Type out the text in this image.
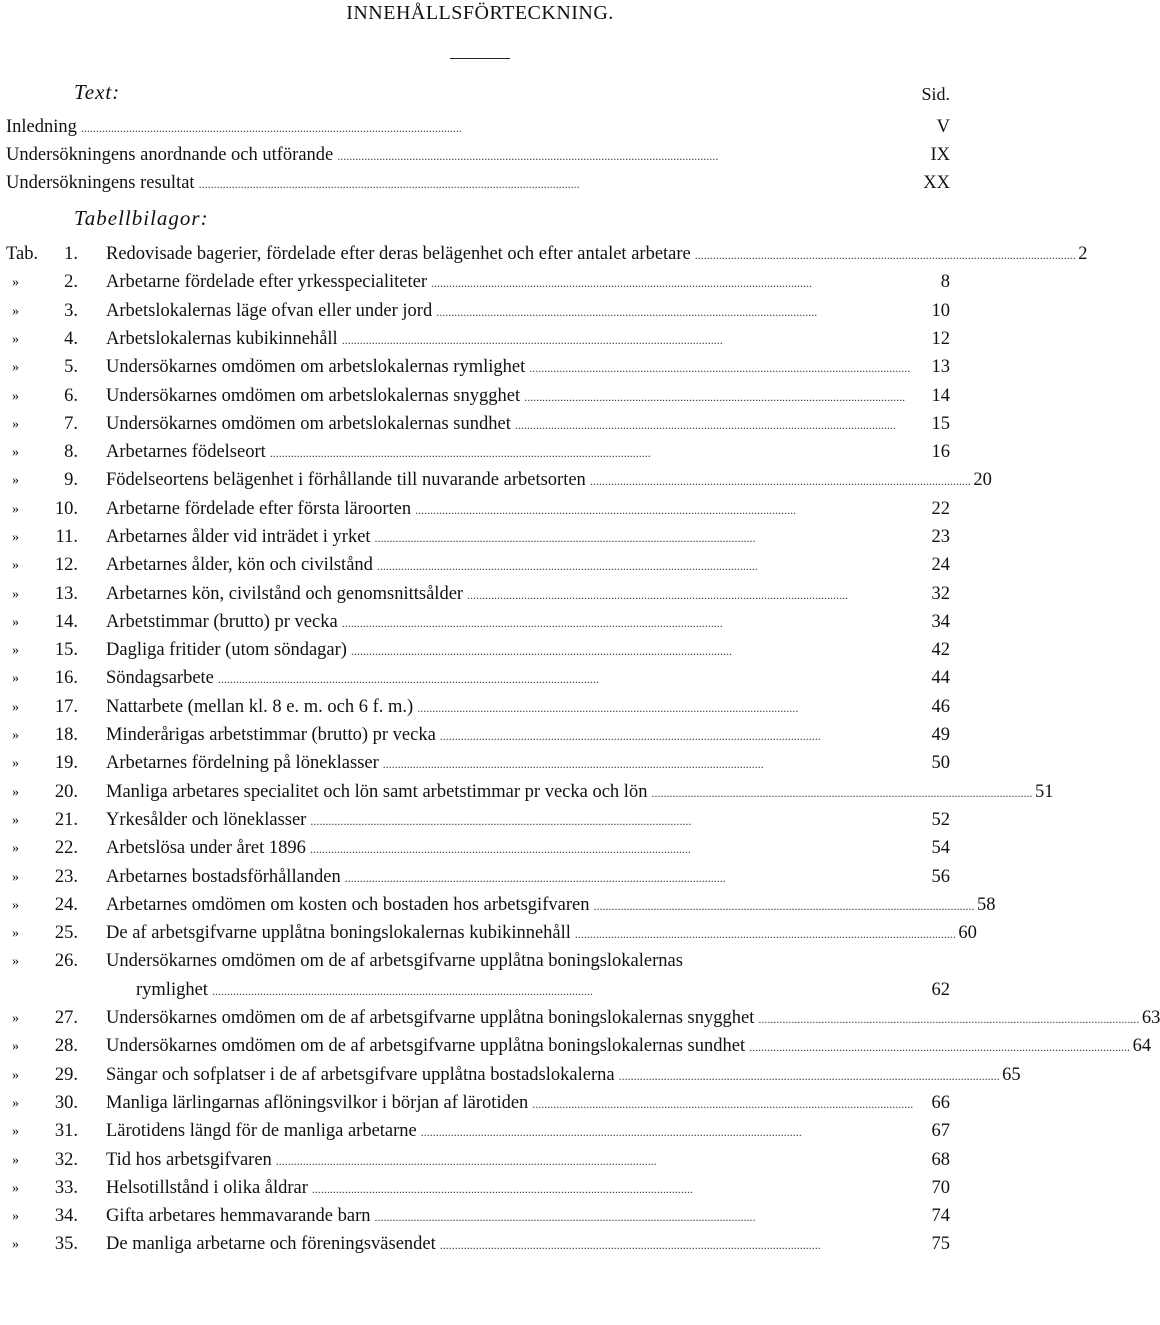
INNEHÅLLSFÖRTECKNING.
Text:	Sid.
Inledning . . .	V
Undersökningens anordnande och utförande . . .	IX
Undersökningens resultat . . .	XX
Tabellbilagor:
Tab. 1. Redovisade bagerier, fördelade efter deras belägenhet och efter antalet arbetare . . .	2
» 2. Arbetarne fördelade efter yrkesspecialiteter . . .	8
» 3. Arbetslokalernas läge ofvan eller under jord . . .	10
» 4. Arbetslokalernas kubikinnehåll . . .	12
» 5. Undersökarnes omdömen om arbetslokalernas rymlighet . . .	13
» 6. Undersökarnes omdömen om arbetslokalernas snygghet . . .	14
» 7. Undersökarnes omdömen om arbetslokalernas sundhet . . .	15
» 8. Arbetarnes födelseort . . .	16
» 9. Födelseortens belägenhet i förhållande till nuvarande arbetsorten . . .	20
» 10. Arbetarne fördelade efter första läroorten . . .	22
» 11. Arbetarnes ålder vid inträdet i yrket . . .	23
» 12. Arbetarnes ålder, kön och civilstånd . . .	24
» 13. Arbetarnes kön, civilstånd och genomsnittsålder . . .	32
» 14. Arbetstimmar (brutto) pr vecka . . .	34
» 15. Dagliga fritider (utom söndagar) . . .	42
» 16. Söndagsarbete . . .	44
» 17. Nattarbete (mellan kl. 8 e. m. och 6 f. m.) . . .	46
» 18. Minderårigas arbetstimmar (brutto) pr vecka . . .	49
» 19. Arbetarnes fördelning på löneklasser . . .	50
» 20. Manliga arbetares specialitet och lön samt arbetstimmar pr vecka och lön . . .	51
» 21. Yrkesålder och löneklasser . . .	52
» 22. Arbetslösa under året 1896 . . .	54
» 23. Arbetarnes bostadsförhållanden . . .	56
» 24. Arbetarnes omdömen om kosten och bostaden hos arbetsgifvaren . . .	58
» 25. De af arbetsgifvarne upplåtna boningslokalernas kubikinnehåll . . .	60
» 26. Undersökarnes omdömen om de af arbetsgifvarne upplåtna boningslokalernas
rymlighet . . .	62
» 27. Undersökarnes omdömen om de af arbetsgifvarne upplåtna boningslokalernas snygghet . . .	63
» 28. Undersökarnes omdömen om de af arbetsgifvarne upplåtna boningslokalernas sundhet . . .	64
» 29. Sängar och sofplatser i de af arbetsgifvare upplåtna bostadslokalerna . . .	65
» 30. Manliga lärlingarnas aflöningsvilkor i början af lärotiden . . .	66
» 31. Lärotidens längd för de manliga arbetarne . . .	67
» 32. Tid hos arbetsgifvaren . . .	68
» 33. Helsotillstånd i olika åldrar . . .	70
» 34. Gifta arbetares hemmavarande barn . . .	74
» 35. De manliga arbetarne och föreningsväsendet . . .	75
